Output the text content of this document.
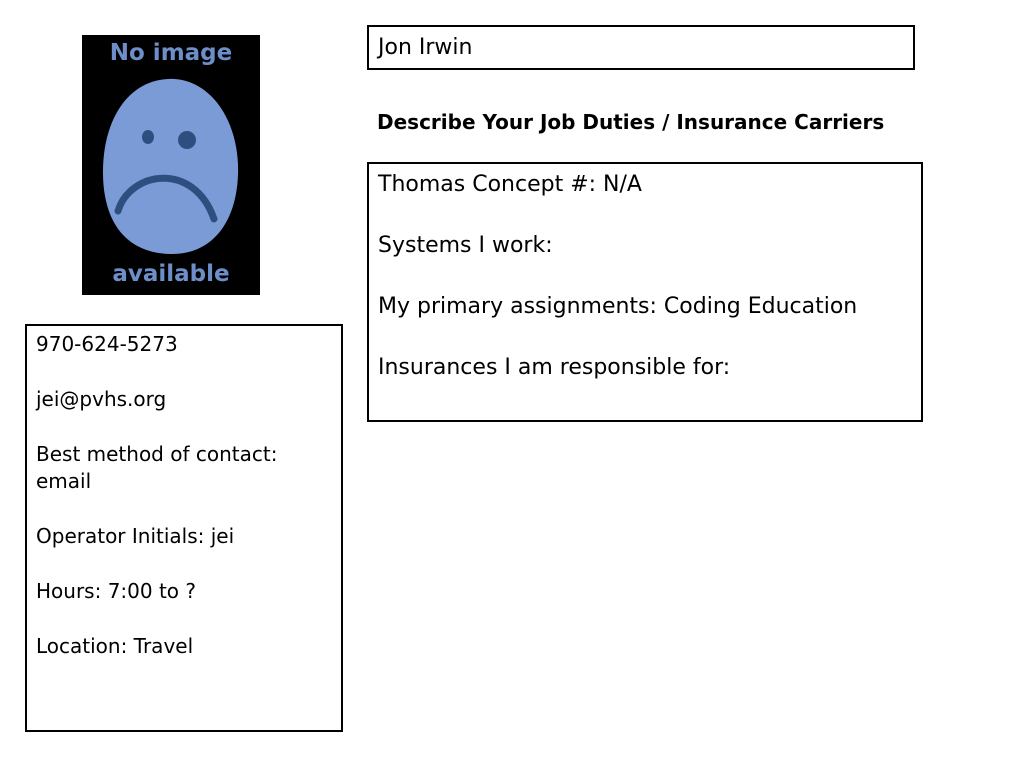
No image
available
Jon Irwin
Describe Your Job Duties / Insurance Carriers
Thomas Concept #: N/A
Systems I work:
My primary assignments: Coding Education
Insurances I am responsible for:
970-624-5273
jei@pvhs.org
Best method of contact:
email
Operator Initials: jei
Hours: 7:00 to ?
Location: Travel
